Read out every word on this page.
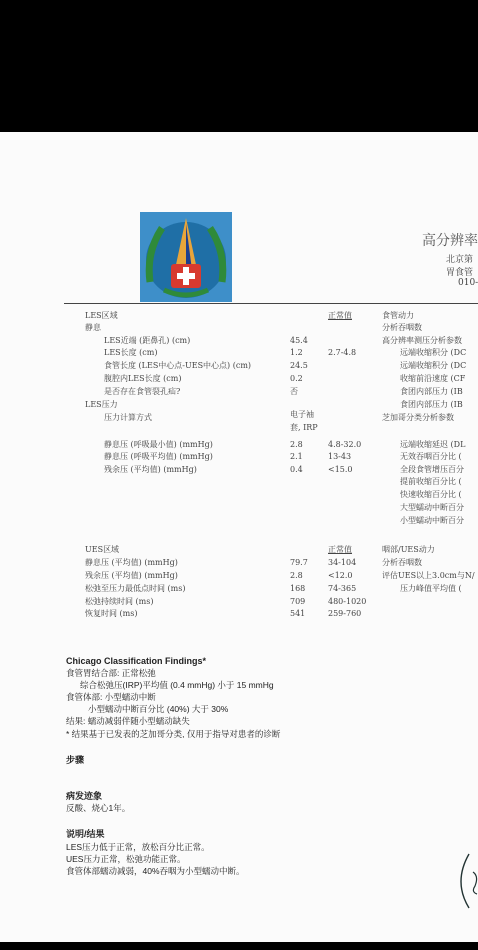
高分辨率
北京第
胃食管
010-
LES区域	正常值
静息
LES近端 (距鼻孔) (cm)	45.4
LES长度 (cm)	1.2	2.7-4.8
食管长度 (LES中心点-UES中心点) (cm)	24.5
腹腔内LES长度 (cm)	0.2
是否存在食管裂孔疝?	否
LES压力
压力计算方式	电子袖
套, IRP
静息压 (呼吸最小值) (mmHg)	2.8	4.8-32.0
静息压 (呼吸平均值) (mmHg)	2.1	13-43
残余压 (平均值) (mmHg)	0.4	<15.0
食管动力
分析吞咽数
高分辨率测压分析参数
远端收缩积分 (DC
远端收缩积分 (DC
收缩前沿速度 (CF
食团内部压力 (IB
食团内部压力 (IB
芝加哥分类分析参数
远端收缩延迟 (DL
无效吞咽百分比 (
全段食管增压百分
提前收缩百分比 (
快速收缩百分比 (
大型蠕动中断百分
小型蠕动中断百分
UES区域	正常值
静息压 (平均值) (mmHg)	79.7	34-104
残余压 (平均值) (mmHg)	2.8	<12.0
松弛至压力最低点时间 (ms)	168	74-365
松弛持续时间 (ms)	709	480-1020
恢复时间 (ms)	541	259-760
咽部/UES动力
分析吞咽数
评估UES以上3.0cm与N/
压力峰值平均值 (
Chicago Classification Findings*
食管胃结合部: 正常松弛
综合松弛压(IRP)平均值 (0.4 mmHg) 小于 15 mmHg
食管体部: 小型蠕动中断
小型蠕动中断百分比 (40%) 大于 30%
结果: 蠕动减弱伴随小型蠕动缺失
* 结果基于已发表的芝加哥分类, 仅用于指导对患者的诊断
步骤
病发迹象
反酸、烧心1年。
说明/结果
LES压力低于正常，放松百分比正常。
UES压力正常，松弛功能正常。
食管体部蠕动减弱，40%吞咽为小型蠕动中断。
